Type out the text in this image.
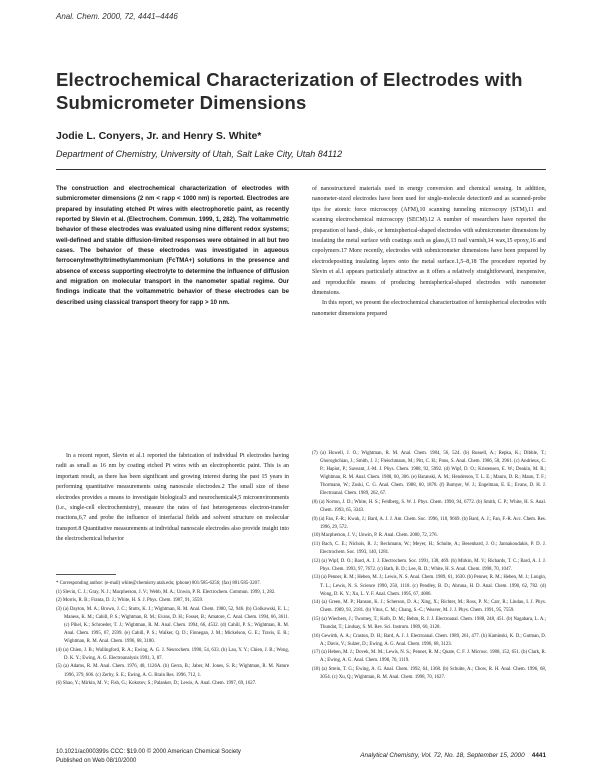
Anal. Chem. 2000, 72, 4441–4446
Electrochemical Characterization of Electrodes with Submicrometer Dimensions
Jodie L. Conyers, Jr. and Henry S. White*
Department of Chemistry, University of Utah, Salt Lake City, Utah 84112
The construction and electrochemical characterization of electrodes with submicrometer dimensions (2 nm < rapp < 1000 nm) is reported. Electrodes are prepared by insulating etched Pt wires with electrophoretic paint, as recently reported by Slevin et al. (Electrochem. Commun. 1999, 1, 282). The voltammetric behavior of these electrodes was evaluated using nine different redox systems; well-defined and stable diffusion-limited responses were obtained in all but two cases. The behavior of these electrodes was investigated in aqueous ferrocenylmethyltrimethylammonium (FcTMA+) solutions in the presence and absence of excess supporting electrolyte to determine the influence of diffusion and migration on molecular transport in the nanometer spatial regime. Our findings indicate that the voltammetric behavior of these electrodes can be described using classical transport theory for rapp > 10 nm.
In a recent report, Slevin et al.1 reported the fabrication of individual Pt electrodes having radii as small as 16 nm by coating etched Pt wires with an electrophoretic paint. This is an important result, as there has been significant and growing interest during the past 15 years in performing quantitative measurements using nanoscale electrodes.2 The small size of these electrodes provides a means to investigate biological3 and neurochemical4,5 microenvironments (i.e., single-cell electrochemistry), measure the rates of fast heterogeneous electron-transfer reactions,6,7 and probe the influence of interfacial fields and solvent structure on molecular transport.8 Quantitative measurements at individual nanoscale electrodes also provide insight into the electrochemical behavior
* Corresponding author: (e-mail) white@chemistry.utah.edu; (phone) 801/585-6256; (fax) 801/585-3207.
(1) Slevin, C. J.; Gray, N. J.; Macpherson, J. V.; Webb, M. A.; Unwin, P. R. Electrochem. Commun. 1999, 1, 282.
(2) Morris, R. B.; Franta, D. J.; White, H. S. J. Phys. Chem. 1987, 91, 3559.
(3) (a) Dayton, M. A.; Brown, J. C.; Stutts, K. J.; Wightman, R. M. Anal. Chem. 1980, 52, 946. (b) Ciolkowski, E. L.; Maness, K. M.; Cahill, P. S.; Wightman, R. M.; Evans, D. H.; Fosset, B.; Amatore, C. Anal. Chem. 1994, 66, 3611. (c) Pihel, K.; Schroeder, T. J.; Wightman, R. M. Anal. Chem. 1994, 66, 4532. (d) Cahill, P. S.; Wightman, R. M. Anal. Chem. 1995, 67, 2599. (e) Cahill, P. S.; Walker, Q. D.; Finnegan, J. M.; Mickelson, G. E.; Travis, E. R.; Wightman, R. M. Anal. Chem. 1996, 68, 3180.
(4) (a) Chien, J. B.; Wallingford, R. A.; Ewing, A. G. J. Neurochem. 1990, 54, 633. (b) Lau, Y. Y.; Chien, J. B.; Wong, D. K. Y.; Ewing, A. G. Electroanalysis 1991, 3, 87.
(5) (a) Adams, R. M. Anal. Chem. 1976, 48, 1126A. (b) Gerra, B.; Jaber, M. Jones, S. R.; Wightman, R. M. Nature 1996, 379, 606. (c) Zerby, S. E.; Ewing, A. G. Brain Res. 1996, 712, 1.
(6) Shao, Y.; Mirkin, M. V.; Fish, G.; Kokotov, S.; Palanker, D.; Lewis, A. Anal. Chem. 1997, 69, 1627.

of nanostructured materials used in energy conversion and chemical sensing. In addition, nanometer-sized electrodes have been used for single-molecule detection9 and as scanned-probe tips for atomic force microscopy (AFM),10 scanning tunneling microscopy (STM),11 and scanning electrochemical microscopy (SECM).12 A number of researchers have reported the preparation of hand-, disk-, or hemispherical-shaped electrodes with submicrometer dimensions by insulating the metal surface with coatings such as glass,6,13 nail varnish,14 wax,15 epoxy,16 and copolymers.17 More recently, electrodes with submicrometer dimensions have been prepared by electrodepositing insulating layers onto the metal surface.1,5–8,18 The procedure reported by Slevin et al.1 appears particularly attractive as it offers a relatively straightforward, inexpensive, and reproducible means of producing hemispherical-shaped electrodes with nanometer dimensions.

In this report, we present the electrochemical characterization of hemispherical electrodes with nanometer dimensions prepared

(7) (a) Howell, J. O.; Wightman, R. M. Anal. Chem. 1984, 56, 524. (b) Russell, A.; Repka, K.; Dibble, T.; Ghoroghchian, J.; Smith, J. J.; Fleischmann, M.; Pitt, C. H.; Pons, S. Anal. Chem. 1986, 58, 2961. (c) Andrieux, C. P.; Hapiot, P.; Saveant, J.-M. J. Phys. Chem. 1988, 92, 5992. (d) Wipf, D. O.; Kristensen, E. W.; Deakin, M. R.; Wightman, R. M. Anal. Chem. 1988, 60, 306. (e) Baranski, A. M.; Henderson, T. L. E.; Mauro, D. R.; Mann, T. F.; Thormann, W.; Zoski, C. G. Anal. Chem. 1988, 60, 1878. (f) Bumyer, W. J.; Engelman, E. E.; Evans, D. H. J. Electroanal. Chem. 1989, 262, 67.
(8) (a) Norton, J. D.; White, H. S.; Feldberg, S. W. J. Phys. Chem. 1990, 94, 6772. (b) Smith, C. P.; White, H. S. Anal. Chem. 1993, 65, 3343.
(9) (a) Fan, F.-R.; Kwak, J.; Bard, A. J. J. Am. Chem. Soc. 1996, 118, 9669. (b) Bard, A. J.; Fan, F.-R. Acc. Chem. Res. 1996, 29, 572.
(10) Macpherson, J. V.; Unwin, P. R. Anal. Chem. 2000, 72, 276.
(11) Bach, C. E.; Nichols, R. J.; Beckmann, W.; Meyer, H.; Schulte, A.; Besenhard, J. O.; Jannakoudakis, P. D. J. Electrochem. Soc. 1993, 140, 1281.
(12) (a) Wipf, D. O.; Bard, A. J. J. Electrochem. Soc. 1991, 138, 469. (b) Mirkin, M. V.; Richards, T. C.; Bard, A. J. J. Phys. Chem. 1993, 97, 7672. (c) Bath, B. D.; Lee, R. D.; White, H. S. Anal. Chem. 1998, 70, 1047.
(13) (a) Penner, R. M.; Heben, M. J.; Lewis, N. S. Anal. Chem. 1989, 61, 1630. (b) Penner, R. M.; Heben, M. J.; Longin, T. L.; Lewis, N. S. Science 1990, 250, 1118. (c) Pendley, B. D.; Abruna, H. D. Anal. Chem. 1990, 62, 782. (d) Wong, D. K. Y.; Xu, L. Y. F. Anal. Chem. 1995, 67, 4086.
(14) (a) Green, M. P.; Hanson, K. J.; Scherson, D. A.; Xing, X.; Richter, M.; Ross, P. N.; Carr, R.; Lindau, I. J. Phys. Chem. 1989, 93, 2181. (b) Vitus, C. M.; Chang, S.-C.; Weaver, M. J. J. Phys. Chem. 1991, 95, 7559.
(15) (a) Wiechers, J.; Twomey, T.; Kolb, D. M.; Behm, R. J. J. Electroanal. Chem. 1988, 248, 451. (b) Nagahara, L. A.; Thundat, T.; Lindsay, S. M. Rev. Sci. Instrum. 1989, 60, 3128.
(16) Gewirth, A. A.; Craston, D. H.; Bard, A. J. J. Electroanal. Chem. 1989, 261, 477. (b) Kaminski, K. D.; Gutman, D. A.; Davis, V.; Sulzer, D.; Ewing, A. G. Anal. Chem. 1996, 68, 3123.
(17) (a) Heben, M. J.; Dovek, M. M.; Lewis, N. S.; Penner, R. M.; Quate, C. F. J. Microsc. 1988, 152, 651. (b) Clark, R. A.; Ewing, A. G. Anal. Chem. 1998, 70, 1119.
(18) (a) Strein, T. G.; Ewing, A. G. Anal. Chem. 1992, 64, 1368. (b) Schulte, A.; Chow, R. H. Anal. Chem. 1996, 68, 3054. (c) Xu, Q.; Wightman, R. M. Anal. Chem. 1998, 70, 1627.
10.1021/ac000399s CCC: $19.00 © 2000 American Chemical Society
Published on Web 08/10/2000
Analytical Chemistry, Vol. 72, No. 18, September 15, 2000 4441
